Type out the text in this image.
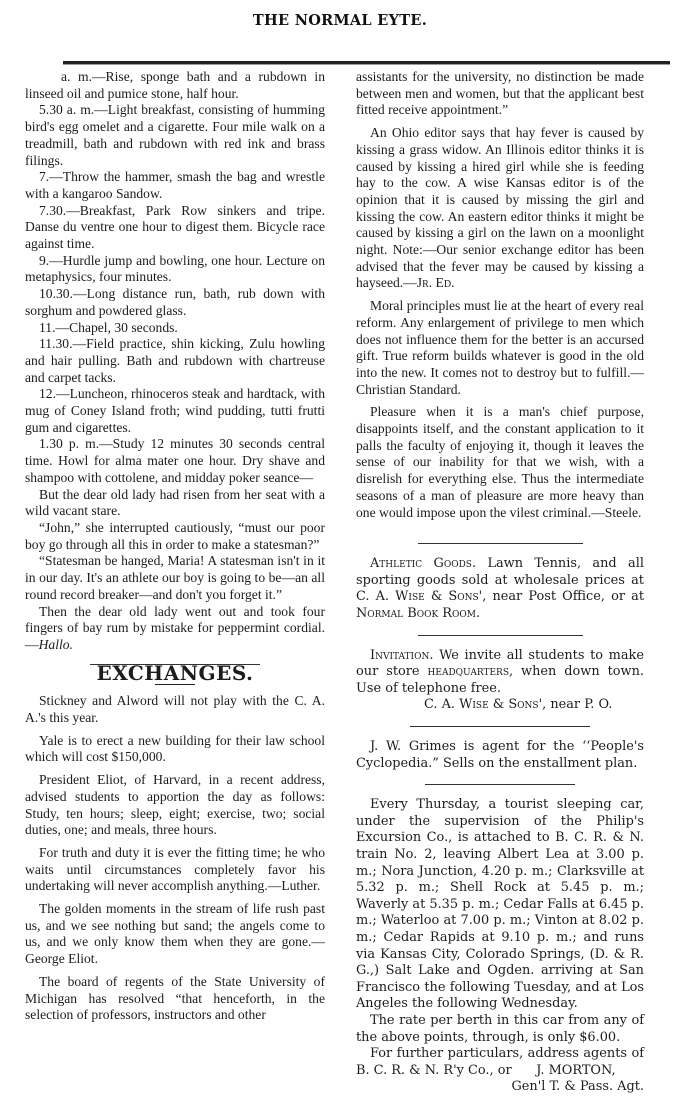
THE NORMAL EYTE.

a. m.—Rise, sponge bath and a rubdown in linseed oil and pumice stone, half hour.

5.30 a. m.—Light breakfast, consisting of humming bird's egg omelet and a cigarette. Four mile walk on a treadmill, bath and rubdown with red ink and brass filings.

7.—Throw the hammer, smash the bag and wrestle with a kangaroo Sandow.

7.30.—Breakfast, Park Row sinkers and tripe. Danse du ventre one hour to digest them. Bicycle race against time.

9.—Hurdle jump and bowling, one hour. Lecture on metaphysics, four minutes.

10.30.—Long distance run, bath, rub down with sorghum and powdered glass.

11.—Chapel, 30 seconds.

11.30.—Field practice, shin kicking, Zulu howling and hair pulling. Bath and rubdown with chartreuse and carpet tacks.

12.—Luncheon, rhinoceros steak and hardtack, with mug of Coney Island froth; wind pudding, tutti frutti gum and cigarettes.

1.30 p. m.—Study 12 minutes 30 seconds central time. Howl for alma mater one hour. Dry shave and shampoo with cottolene, and midday poker seance—

But the dear old lady had risen from her seat with a wild vacant stare.

“John,” she interrupted cautiously, “must our poor boy go through all this in order to make a statesman?”

“Statesman be hanged, Maria! A statesman isn't in it in our day. It's an athlete our boy is going to be—an all round record breaker—and don't you forget it.”

Then the dear old lady went out and took four fingers of bay rum by mistake for peppermint cordial.—Hallo.

EXCHANGES.

Stickney and Alword will not play with the C. A. A.'s this year.

Yale is to erect a new building for their law school which will cost $150,000.

President Eliot, of Harvard, in a recent address, advised students to apportion the day as follows: Study, ten hours; sleep, eight; exercise, two; social duties, one; and meals, three hours.

For truth and duty it is ever the fitting time; he who waits until circumstances completely favor his undertaking will never accomplish anything.—Luther.

The golden moments in the stream of life rush past us, and we see nothing but sand; the angels come to us, and we only know them when they are gone.—George Eliot.

The board of regents of the State University of Michigan has resolved “that henceforth, in the selection of professors, instructors and other

assistants for the university, no distinction be made between men and women, but that the applicant best fitted receive appointment.”

An Ohio editor says that hay fever is caused by kissing a grass widow. An Illinois editor thinks it is caused by kissing a hired girl while she is feeding hay to the cow. A wise Kansas editor is of the opinion that it is caused by missing the girl and kissing the cow. An eastern editor thinks it might be caused by kissing a girl on the lawn on a moonlight night. Note:—Our senior exchange editor has been advised that the fever may be caused by kissing a hayseed.—Jr. Ed.

Moral principles must lie at the heart of every real reform. Any enlargement of privilege to men which does not influence them for the better is an accursed gift. True reform builds whatever is good in the old into the new. It comes not to destroy but to fulfill.—Christian Standard.

Pleasure when it is a man's chief purpose, disappoints itself, and the constant application to it palls the faculty of enjoying it, though it leaves the sense of our inability for that we wish, with a disrelish for everything else. Thus the intermediate seasons of a man of pleasure are more heavy than one would impose upon the vilest criminal.—Steele.

Athletic Goods. Lawn Tennis, and all sporting goods sold at wholesale prices at C. A. Wise & Sons', near Post Office, or at Normal Book Room.

Invitation. We invite all students to make our store headquarters, when down town. Use of telephone free.

C. A. Wise & Sons', near P. O.

J. W. Grimes is agent for the ‘‘People's Cyclopedia.” Sells on the enstallment plan.

Every Thursday, a tourist sleeping car, under the supervision of the Philip's Excursion Co., is attached to B. C. R. & N. train No. 2, leaving Albert Lea at 3.00 p. m.; Nora Junction, 4.20 p. m.; Clarksville at 5.32 p. m.; Shell Rock at 5.45 p. m.; Waverly at 5.35 p. m.; Cedar Falls at 6.45 p. m.; Waterloo at 7.00 p. m.; Vinton at 8.02 p. m.; Cedar Rapids at 9.10 p. m.; and runs via Kansas City, Colorado Springs, (D. & R. G.,) Salt Lake and Ogden. arriving at San Francisco the following Tuesday, and at Los Angeles the following Wednesday.

The rate per berth in this car from any of the above points, through, is only $6.00.

For further particulars, address agents of B. C. R. & N. R'y Co., or      J. MORTON,

Gen'l T. & Pass. Agt.
